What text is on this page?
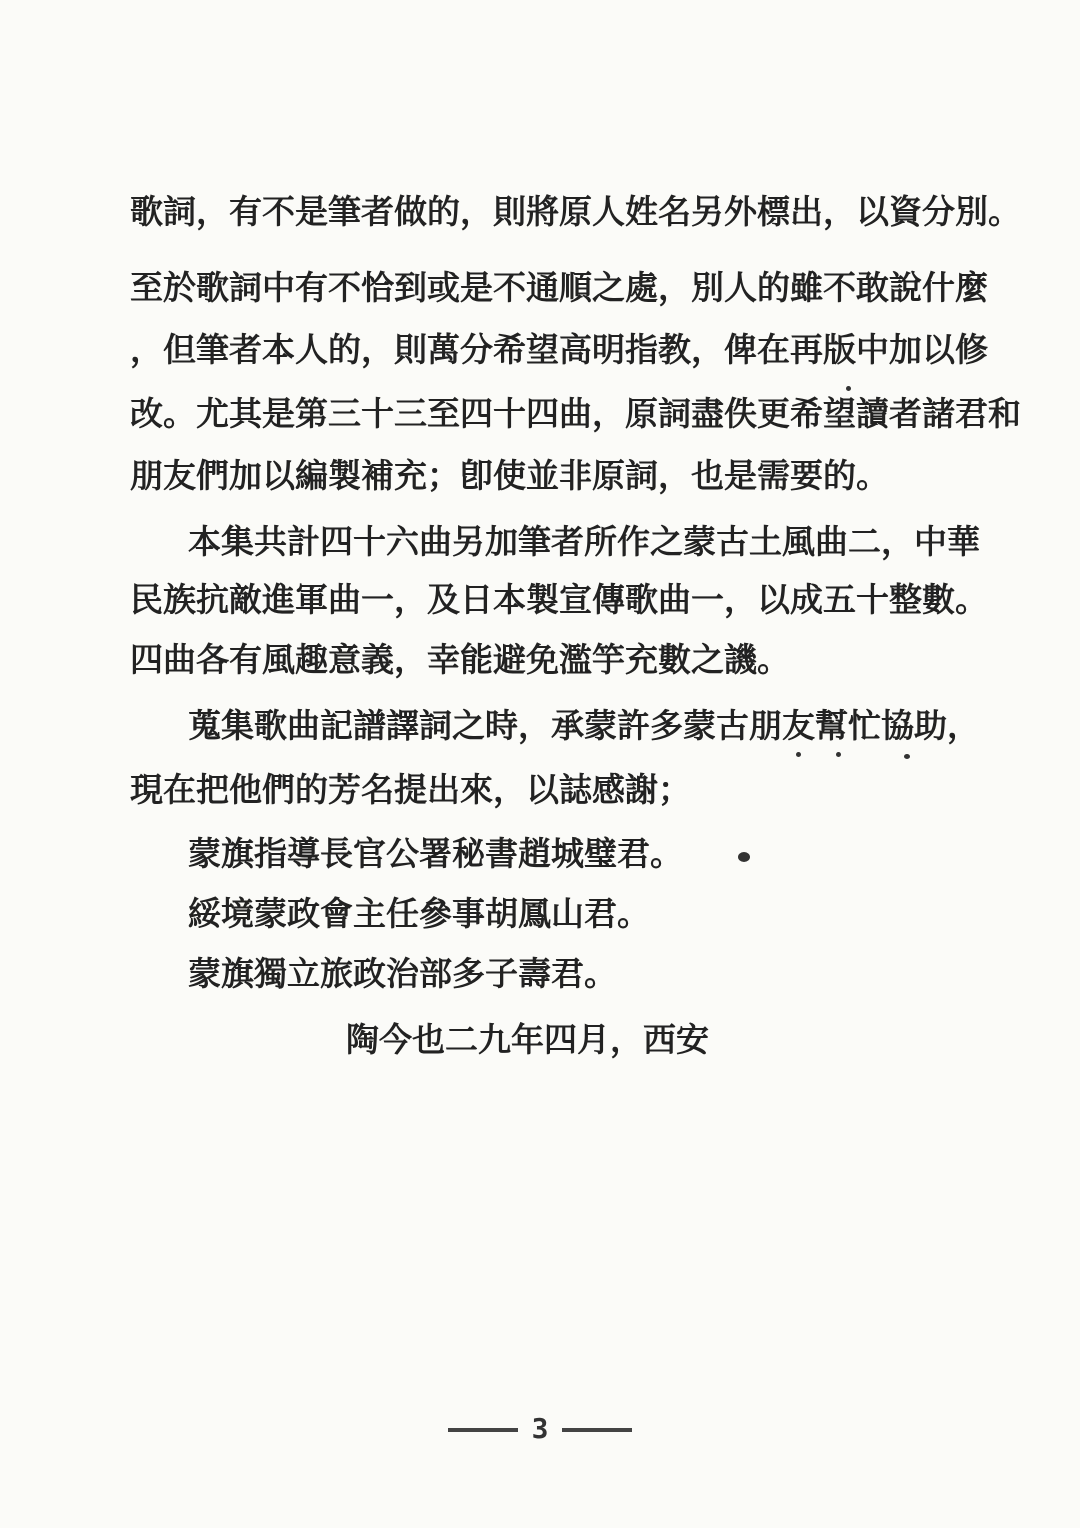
歌詞，有不是筆者做的，則將原人姓名另外標出，以資分別。
至於歌詞中有不恰到或是不通順之處，別人的雖不敢說什麼
，但筆者本人的，則萬分希望高明指教，俾在再版中加以修
改。尤其是第三十三至四十四曲，原詞盡佚更希望讀者諸君和
朋友們加以編製補充；卽使並非原詞，也是需要的。
本集共計四十六曲另加筆者所作之蒙古土風曲二，中華
民族抗敵進軍曲一，及日本製宣傳歌曲一，以成五十整數。
四曲各有風趣意義，幸能避免濫竽充數之譏。
蒐集歌曲記譜譯詞之時，承蒙許多蒙古朋友幫忙協助，
現在把他們的芳名提出來，以誌感謝；
蒙旗指導長官公署秘書趙城璧君。
綏境蒙政會主任參事胡鳳山君。
蒙旗獨立旅政治部多子壽君。
陶今也二九年四月，西安
3
